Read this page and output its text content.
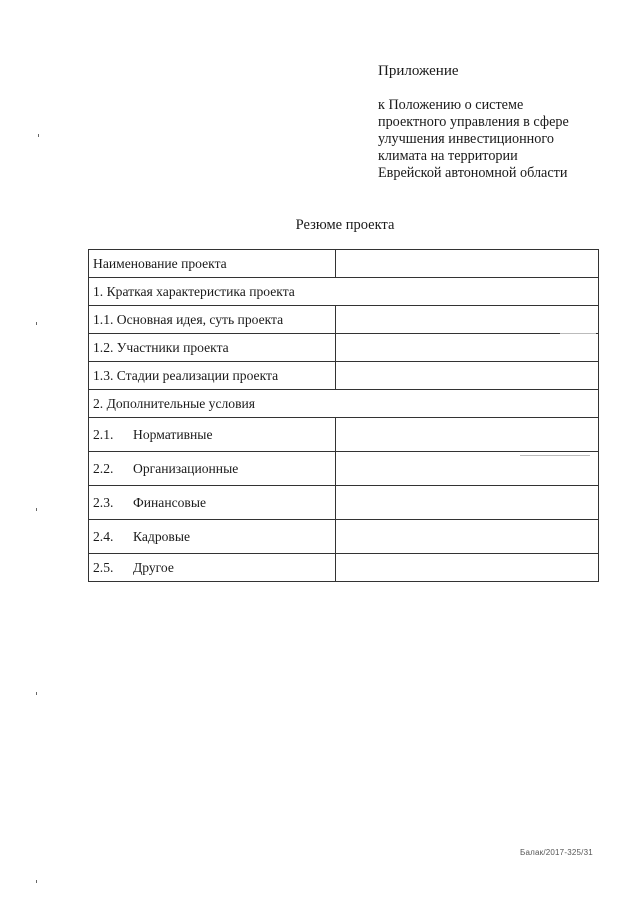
Приложение
к Положению о системе
проектного управления в сфере
улучшения инвестиционного
климата на территории
Еврейской автономной области
Резюме проекта
Наименование проекта	
1. Краткая характеристика проекта	
1.1. Основная идея, суть проекта	
1.2. Участники проекта	
1.3. Стадии реализации проекта	
2. Дополнительные условия	
2.1. Нормативные	
2.2. Организационные	
2.3. Финансовые	
2.4. Кадровые	
2.5. Другое	
Балак/2017-325/31
